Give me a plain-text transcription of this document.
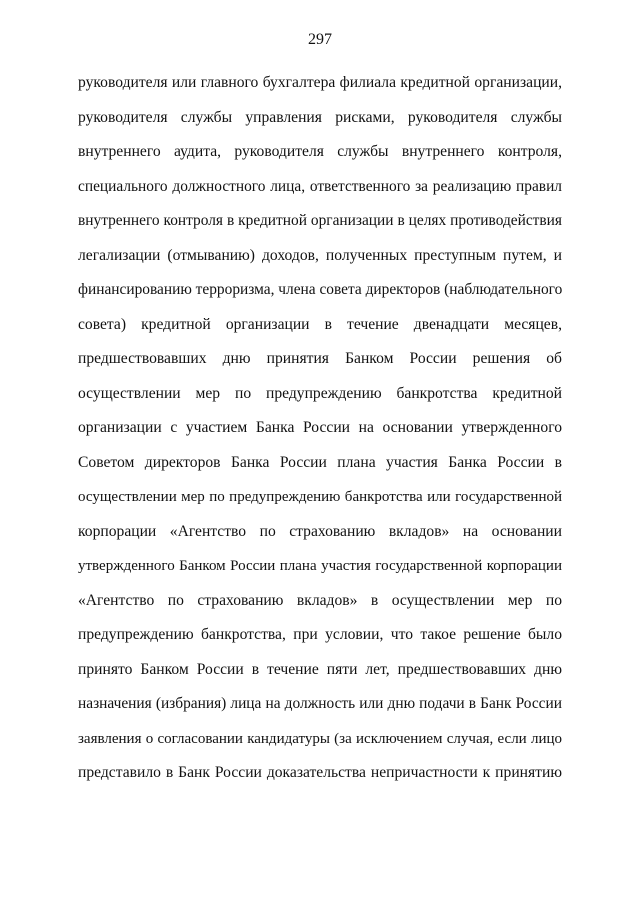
297
руководителя или главного бухгалтера филиала кредитной организации,
руководителя службы управления рисками, руководителя службы
внутреннего аудита, руководителя службы внутреннего контроля,
специального должностного лица, ответственного за реализацию правил
внутреннего контроля в кредитной организации в целях противодействия
легализации (отмыванию) доходов, полученных преступным путем, и
финансированию терроризма, члена совета директоров (наблюдательного
совета) кредитной организации в течение двенадцати месяцев,
предшествовавших дню принятия Банком России решения об
осуществлении мер по предупреждению банкротства кредитной
организации с участием Банка России на основании утвержденного
Советом директоров Банка России плана участия Банка России в
осуществлении мер по предупреждению банкротства или государственной
корпорации «Агентство по страхованию вкладов» на основании
утвержденного Банком России плана участия государственной корпорации
«Агентство по страхованию вкладов» в осуществлении мер по
предупреждению банкротства, при условии, что такое решение было
принято Банком России в течение пяти лет, предшествовавших дню
назначения (избрания) лица на должность или дню подачи в Банк России
заявления о согласовании кандидатуры (за исключением случая, если лицо
представило в Банк России доказательства непричастности к принятию
